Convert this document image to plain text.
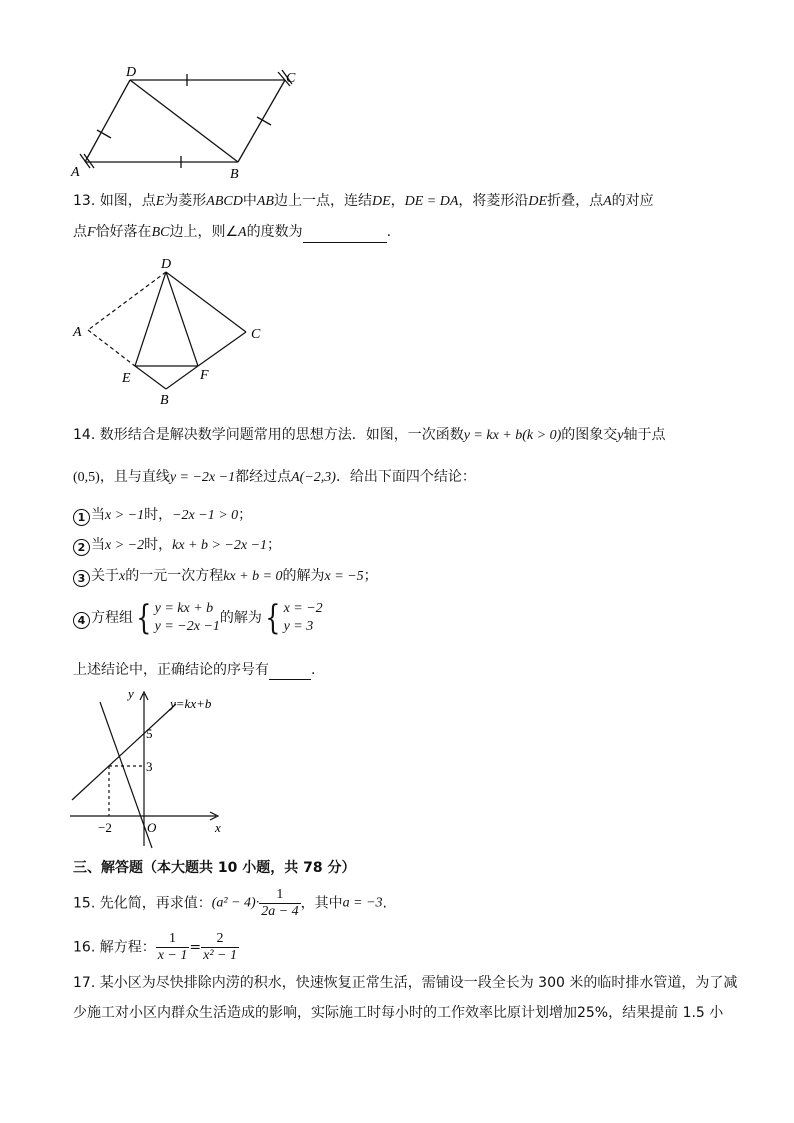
D	C
A	B
13. 如图，点E为菱形ABCD中AB边上一点，连结DE，DE = DA，将菱形沿DE折叠，点A的对应
点F恰好落在BC边上，则∠A的度数为	.
D
A	C
E	F
B
14. 数形结合是解决数学问题常用的思想方法．如图，一次函数y = kx + b(k > 0)的图象交y轴于点
(0,5)，且与直线y = −2x −1都经过点A(−2,3)．给出下面四个结论：
1 当x > −1时，−2x −1 > 0；
2 当x > −2时，kx + b > −2x −1；
3 关于x的一元一次方程kx + b = 0的解为x = −5；
4 方程组{ y = kx + b
y = −2x −1
的解为{ x = −2
y = 3
上述结论中，正确结论的序号有	.
y
y=kx+b
5
3
−2	O	x
三、解答题（本大题共 10 小题，共 78 分）
15. 先化简，再求值：$(a^2 - 4)\cdot \frac{1}{2a - 4}$ ，其中a = −3.
16. 解方程： $\frac{1}{x - 1} = \frac{2}{\text{x² − 1}}$
17. 某小区为尽快排除内涝的积水，快速恢复正常生活，需铺设一段全长为 300 米的临时排水管道，为了减
少施工对小区内群众生活造成的影响，实际施工时每小时的工作效率比原计划增加25%，结果提前 1.5 小
